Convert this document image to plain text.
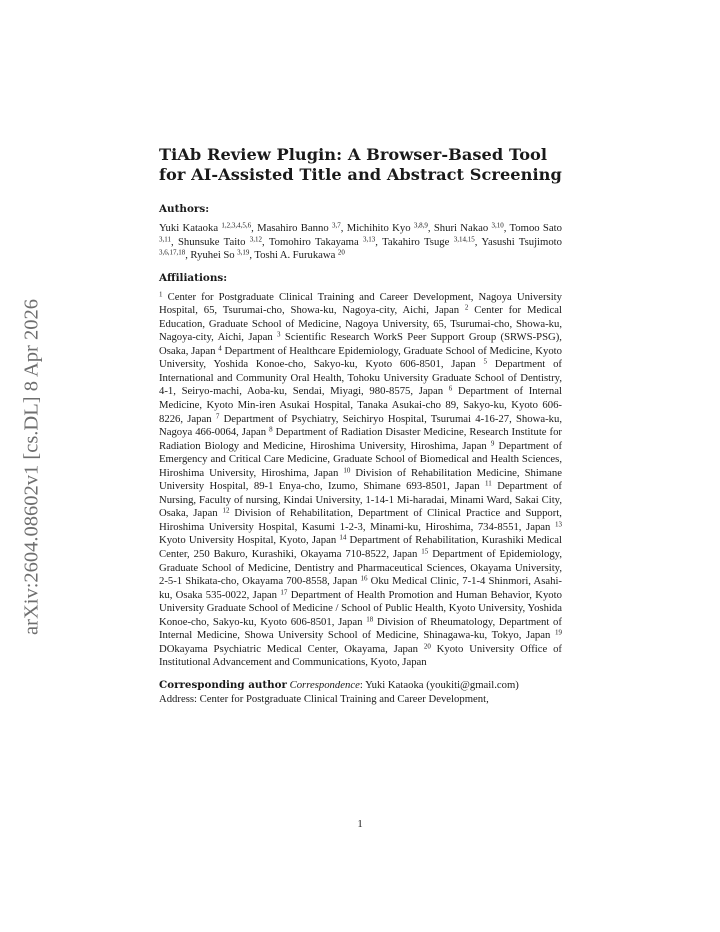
arXiv:2604.08602v1 [cs.DL] 8 Apr 2026
TiAb Review Plugin: A Browser-Based Tool for AI-Assisted Title and Abstract Screening
Authors:

Yuki Kataoka $^{1,2,3,4,5,6}$, Masahiro Banno $^{3,7}$, Michihito Kyo $^{3,8,9}$, Shuri Nakao $^{3,10}$, Tomoo Sato $^{3,11}$, Shunsuke Taito $^{3,12}$, Tomohiro Takayama $^{3,13}$, Takahiro Tsuge $^{3,14,15}$, Yasushi Tsujimoto $^{3,6,17,18}$, Ryuhei So $^{3,19}$, Toshi A. Furukawa $^{20}$

Affiliations:

$^1$ Center for Postgraduate Clinical Training and Career Development, Nagoya University Hospital, 65, Tsurumai-cho, Showa-ku, Nagoya-city, Aichi, Japan $^2$ Center for Medical Education, Graduate School of Medicine, Nagoya University, 65, Tsurumai-cho, Showa-ku, Nagoya-city, Aichi, Japan $^3$ Scientific Research WorkS Peer Support Group (SRWS-PSG), Osaka, Japan $^4$ Department of Healthcare Epidemiology, Graduate School of Medicine, Kyoto University, Yoshida Konoe-cho, Sakyo-ku, Kyoto 606-8501, Japan $^5$ Department of International and Community Oral Health, Tohoku University Graduate School of Dentistry, 4-1, Seiryo-machi, Aoba-ku, Sendai, Miyagi, 980-8575, Japan $^6$ Department of Internal Medicine, Kyoto Min-iren Asukai Hospital, Tanaka Asukai-cho 89, Sakyo-ku, Kyoto 606-8226, Japan $^7$ Department of Psychiatry, Seichiryo Hospital, Tsurumai 4-16-27, Showa-ku, Nagoya 466-0064, Japan $^8$ Department of Radiation Disaster Medicine, Research Institute for Radiation Biology and Medicine, Hiroshima University, Hiroshima, Japan $^9$ Department of Emergency and Critical Care Medicine, Graduate School of Biomedical and Health Sciences, Hiroshima University, Hiroshima, Japan $^{10}$ Division of Rehabilitation Medicine, Shimane University Hospital, 89-1 Enya-cho, Izumo, Shimane 693-8501, Japan $^{11}$ Department of Nursing, Faculty of nursing, Kindai University, 1-14-1 Mi-haradai, Minami Ward, Sakai City, Osaka, Japan $^{12}$ Division of Rehabilitation, Department of Clinical Practice and Support, Hiroshima University Hospital, Kasumi 1-2-3, Minami-ku, Hiroshima, 734-8551, Japan $^{13}$ Kyoto University Hospital, Kyoto, Japan $^{14}$ Department of Rehabilitation, Kurashiki Medical Center, 250 Bakuro, Kurashiki, Okayama 710-8522, Japan $^{15}$ Department of Epidemiology, Graduate School of Medicine, Dentistry and Pharmaceutical Sciences, Okayama University, 2-5-1 Shikata-cho, Okayama 700-8558, Japan $^{16}$ Oku Medical Clinic, 7-1-4 Shinmori, Asahi-ku, Osaka 535-0022, Japan $^{17}$ Department of Health Promotion and Human Behavior, Kyoto University Graduate School of Medicine / School of Public Health, Kyoto University, Yoshida Konoe-cho, Sakyo-ku, Kyoto 606-8501, Japan $^{18}$ Division of Rheumatology, Department of Internal Medicine, Showa University School of Medicine, Shinagawa-ku, Tokyo, Japan $^{19}$ DOkayama Psychiatric Medical Center, Okayama, Japan $^{20}$ Kyoto University Office of Institutional Advancement and Communications, Kyoto, Japan

Corresponding author Correspondence: Yuki Kataoka (youkiti@gmail.com)
Address: Center for Postgraduate Clinical Training and Career Development,
1
